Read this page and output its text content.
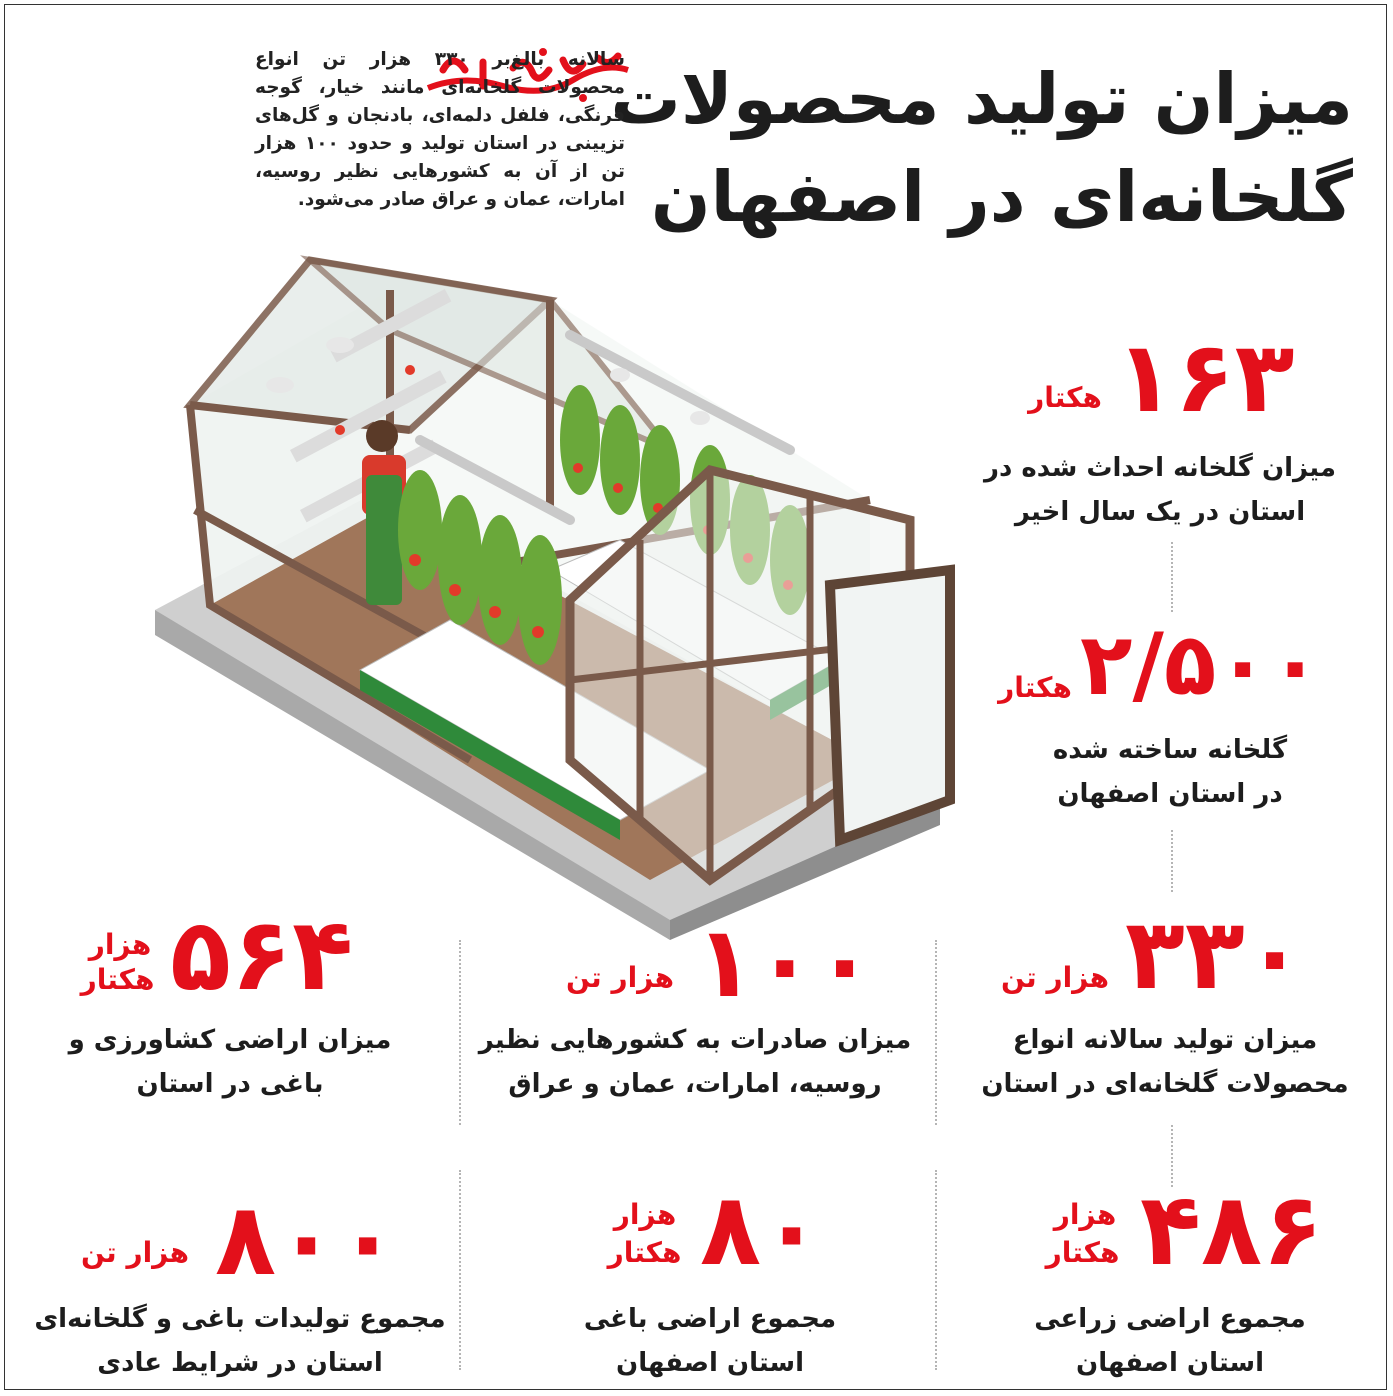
میزان تولید محصولات
گلخانه‌ای در اصفهان
سالانه بالغ‌بر ۳۳۰ هزار تن انواع محصولات گلخانه‌ای مانند خیار، گوجه فرنگی، فلفل دلمه‌ای، بادنجان و گل‌های تزیینی در استان تولید و حدود ۱۰۰ هزار تن از آن به کشورهایی نظیر روسیه، امارات، عمان و عراق صادر می‌شود.
۱۶۳
هکتار
میزان گلخانه احداث شده در
استان در یک سال اخیر
۲/۵۰۰
هکتار
گلخانه ساخته شده
در استان اصفهان
۳۳۰
هزار تن
میزان تولید سالانه انواع
محصولات گلخانه‌ای در استان
۱۰۰
هزار تن
میزان صادرات به کشورهایی نظیر
روسیه، امارات، عمان و عراق
۵۶۴
هزار
هکتار
میزان اراضی کشاورزی و
باغی در استان
۴۸۶
هزار
هکتار
مجموع اراضی زراعی
استان اصفهان
۸۰
هزار
هکتار
مجموع اراضی باغی
استان اصفهان
۸۰۰
هزار تن
مجموع تولیدات باغی و گلخانه‌ای
استان در شرایط عادی
